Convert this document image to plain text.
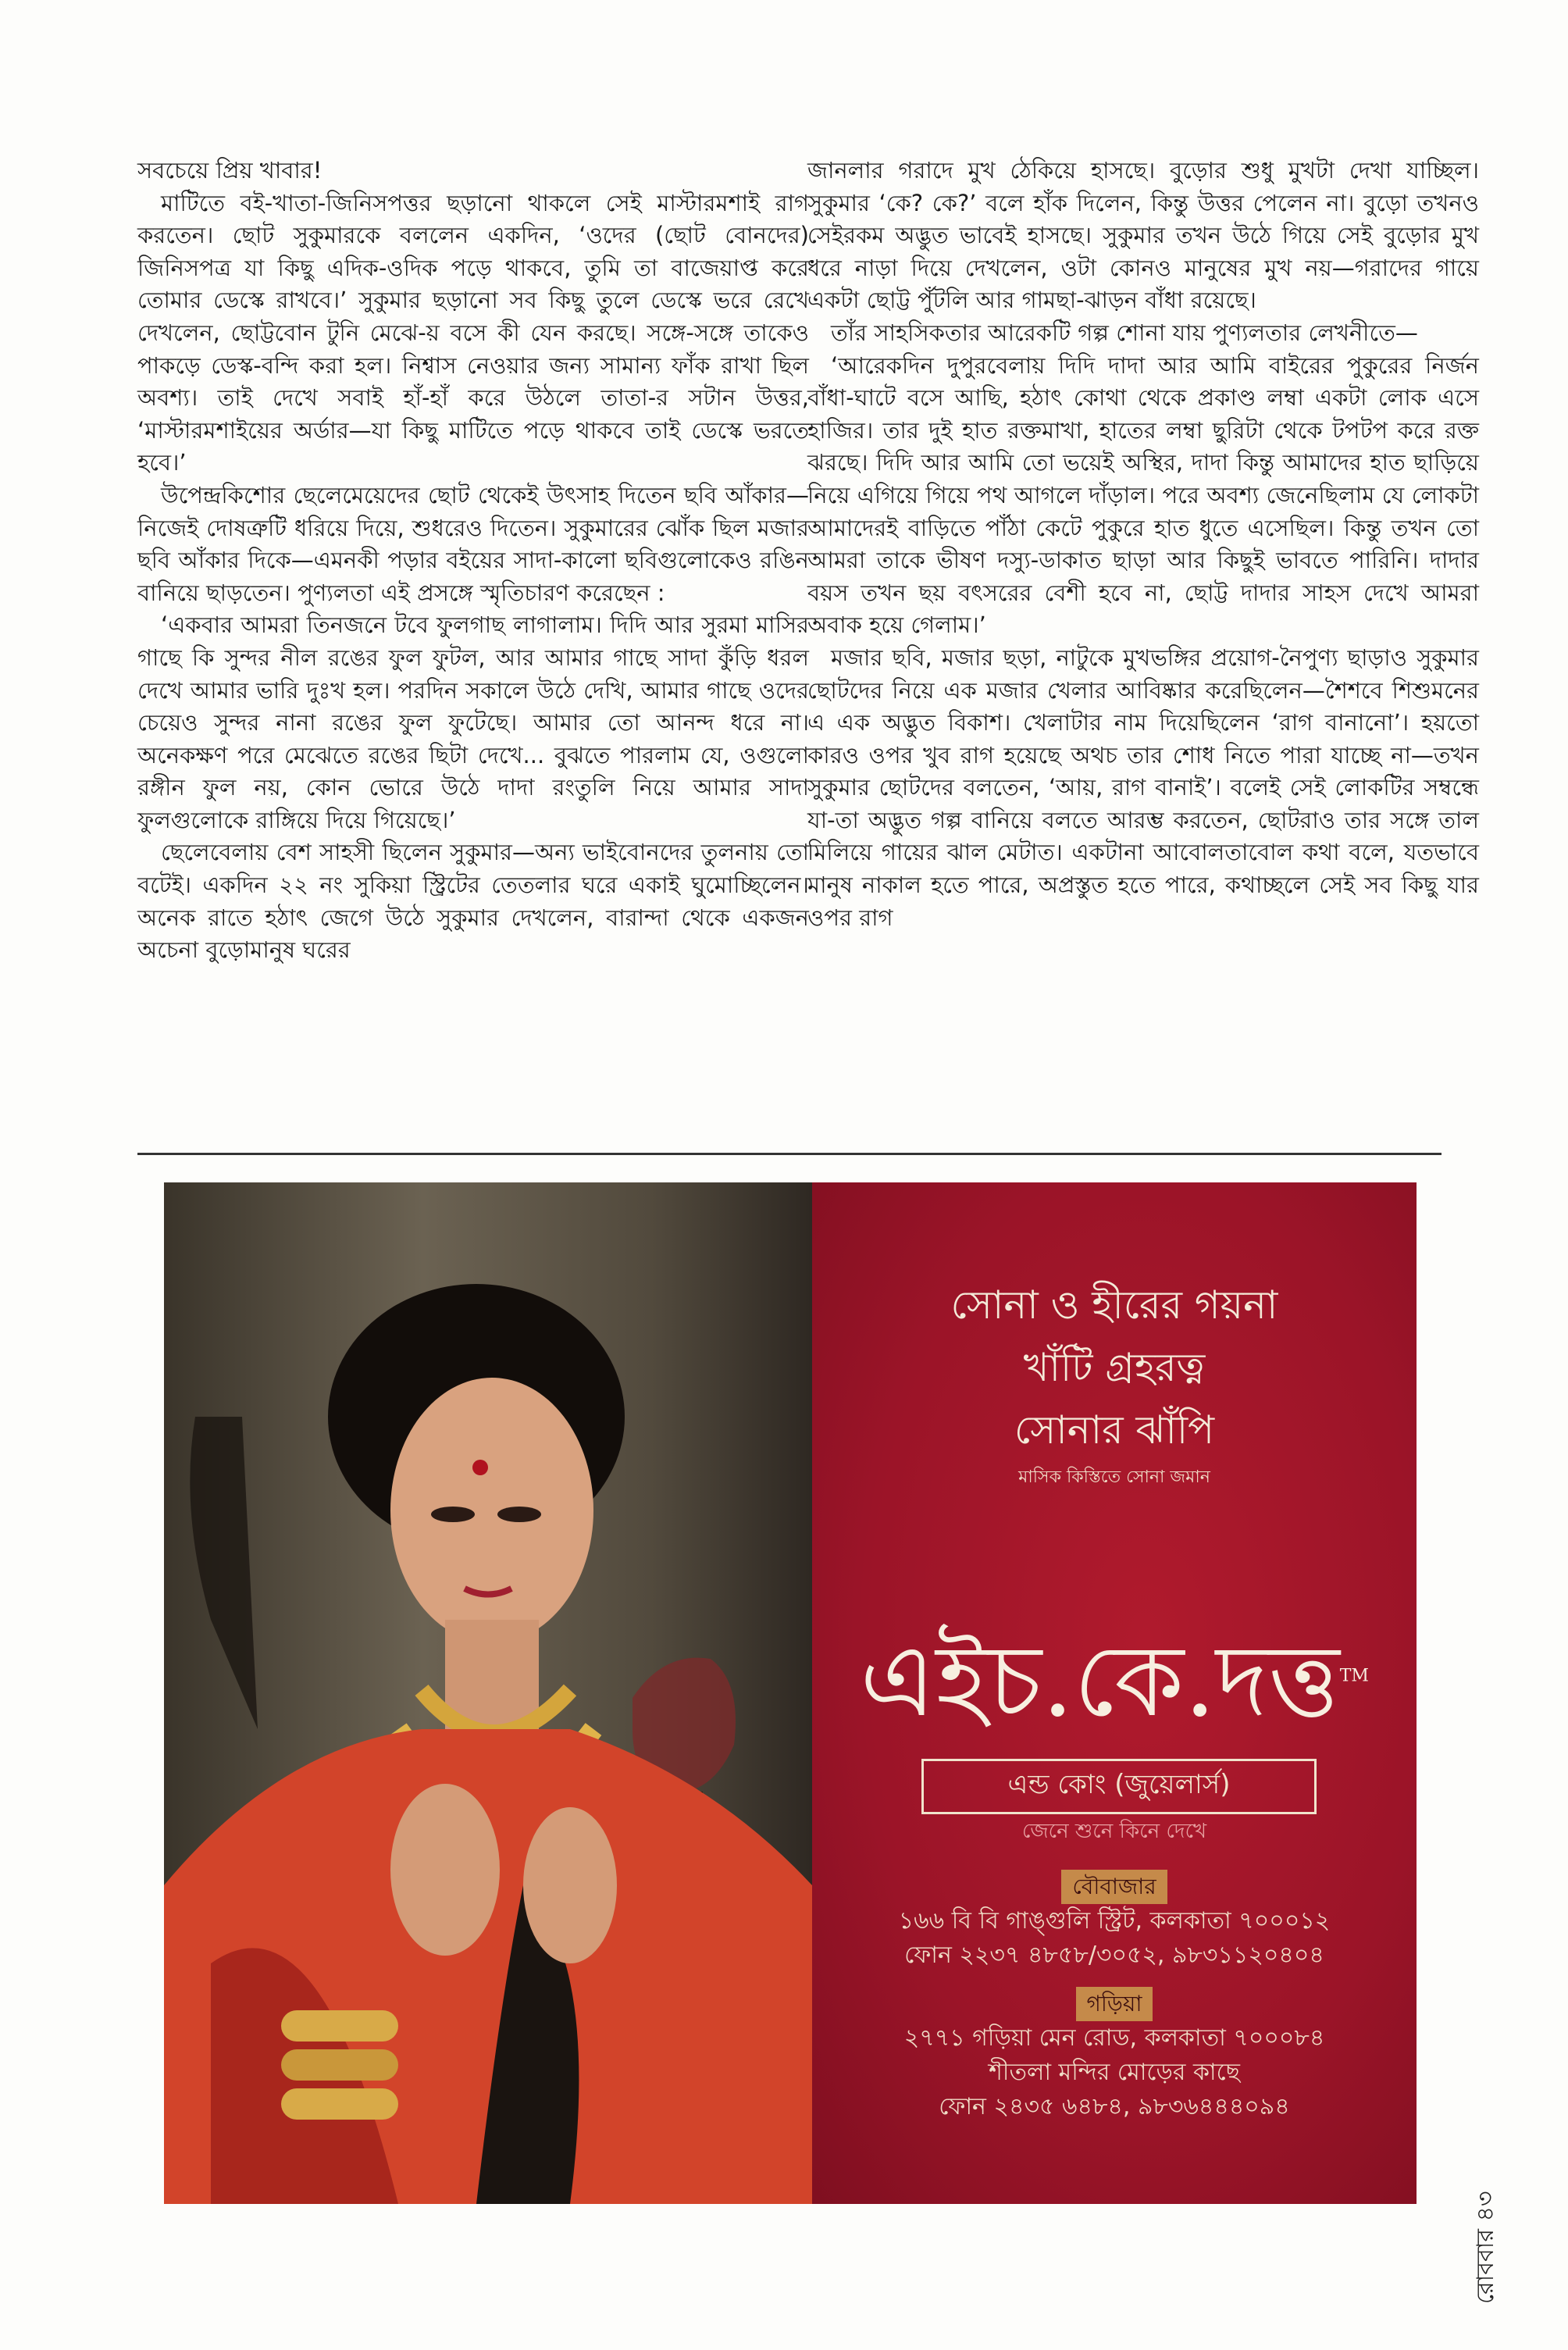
সবচেয়ে প্রিয় খাবার!

মাটিতে বই-খাতা-জিনিসপত্তর ছড়ানো থাকলে সেই মাস্টারমশাই রাগ করতেন। ছোট সুকুমারকে বললেন একদিন, ‘ওদের (ছোট বোনদের) জিনিসপত্র যা কিছু এদিক-ওদিক পড়ে থাকবে, তুমি তা বাজেয়াপ্ত করে তোমার ডেস্কে রাখবে।’ সুকুমার ছড়ানো সব কিছু তুলে ডেস্কে ভরে রেখে দেখলেন, ছোট্টবোন টুনি মেঝে-য় বসে কী যেন করছে। সঙ্গে-সঙ্গে তাকেও পাকড়ে ডেস্ক-বন্দি করা হল। নিশ্বাস নেওয়ার জন্য সামান্য ফাঁক রাখা ছিল অবশ্য। তাই দেখে সবাই হাঁ-হাঁ করে উঠলে তাতা-র সটান উত্তর, ‘মাস্টারমশাইয়ের অর্ডার—যা কিছু মাটিতে পড়ে থাকবে তাই ডেস্কে ভরতে হবে।’

উপেন্দ্রকিশোর ছেলেমেয়েদের ছোট থেকেই উৎসাহ দিতেন ছবি আঁকার—নিজেই দোষত্রুটি ধরিয়ে দিয়ে, শুধরেও দিতেন। সুকুমারের ঝোঁক ছিল মজার ছবি আঁকার দিকে—এমনকী পড়ার বইয়ের সাদা-কালো ছবিগুলোকেও রঙিন বানিয়ে ছাড়তেন। পুণ্যলতা এই প্রসঙ্গে স্মৃতিচারণ করেছেন :

‘একবার আমরা তিনজনে টবে ফুলগাছ লাগালাম। দিদি আর সুরমা মাসির গাছে কি সুন্দর নীল রঙের ফুল ফুটল, আর আমার গাছে সাদা কুঁড়ি ধরল দেখে আমার ভারি দুঃখ হল। পরদিন সকালে উঠে দেখি, আমার গাছে ওদের চেয়েও সুন্দর নানা রঙের ফুল ফুটেছে। আমার তো আনন্দ ধরে না। অনেকক্ষণ পরে মেঝেতে রঙের ছিটা দেখে... বুঝতে পারলাম যে, ওগুলো রঙ্গীন ফুল নয়, কোন ভোরে উঠে দাদা রংতুলি নিয়ে আমার সাদা ফুলগুলোকে রাঙ্গিয়ে দিয়ে গিয়েছে।’

ছেলেবেলায় বেশ সাহসী ছিলেন সুকুমার—অন্য ভাইবোনদের তুলনায় তো বটেই। একদিন ২২ নং সুকিয়া স্ট্রিটের তেতলার ঘরে একাই ঘুমোচ্ছিলেন। অনেক রাতে হঠাৎ জেগে উঠে সুকুমার দেখলেন, বারান্দা থেকে একজন অচেনা বুড়োমানুষ ঘরের

জানলার গরাদে মুখ ঠেকিয়ে হাসছে। বুড়োর শুধু মুখটা দেখা যাচ্ছিল। সুকুমার ‘কে? কে?’ বলে হাঁক দিলেন, কিন্তু উত্তর পেলেন না। বুড়ো তখনও সেইরকম অদ্ভুত ভাবেই হাসছে। সুকুমার তখন উঠে গিয়ে সেই বুড়োর মুখ ধরে নাড়া দিয়ে দেখলেন, ওটা কোনও মানুষের মুখ নয়—গরাদের গায়ে একটা ছোট্ট পুঁটলি আর গামছা-ঝাড়ন বাঁধা রয়েছে।

তাঁর সাহসিকতার আরেকটি গল্প শোনা যায় পুণ্যলতার লেখনীতে—

‘আরেকদিন দুপুরবেলায় দিদি দাদা আর আমি বাইরের পুকুরের নির্জন বাঁধা-ঘাটে বসে আছি, হঠাৎ কোথা থেকে প্রকাণ্ড লম্বা একটা লোক এসে হাজির। তার দুই হাত রক্তমাখা, হাতের লম্বা ছুরিটা থেকে টপটপ করে রক্ত ঝরছে। দিদি আর আমি তো ভয়েই অস্থির, দাদা কিন্তু আমাদের হাত ছাড়িয়ে নিয়ে এগিয়ে গিয়ে পথ আগলে দাঁড়াল। পরে অবশ্য জেনেছিলাম যে লোকটা আমাদেরই বাড়িতে পাঁঠা কেটে পুকুরে হাত ধুতে এসেছিল। কিন্তু তখন তো আমরা তাকে ভীষণ দস্যু-ডাকাত ছাড়া আর কিছুই ভাবতে পারিনি। দাদার বয়স তখন ছয় বৎসরের বেশী হবে না, ছোট্ট দাদার সাহস দেখে আমরা অবাক হয়ে গেলাম।’

মজার ছবি, মজার ছড়া, নাটুকে মুখভঙ্গির প্রয়োগ-নৈপুণ্য ছাড়াও সুকুমার ছোটদের নিয়ে এক মজার খেলার আবিষ্কার করেছিলেন—শৈশবে শিশুমনের এ এক অদ্ভুত বিকাশ। খেলাটার নাম দিয়েছিলেন ‘রাগ বানানো’। হয়তো কারও ওপর খুব রাগ হয়েছে অথচ তার শোধ নিতে পারা যাচ্ছে না—তখন সুকুমার ছোটদের বলতেন, ‘আয়, রাগ বানাই’। বলেই সেই লোকটির সম্বন্ধে যা-তা অদ্ভুত গল্প বানিয়ে বলতে আরম্ভ করতেন, ছোটরাও তার সঙ্গে তাল মিলিয়ে গায়ের ঝাল মেটাত। একটানা আবোলতাবোল কথা বলে, যতভাবে মানুষ নাকাল হতে পারে, অপ্রস্তুত হতে পারে, কথাচ্ছলে সেই সব কিছু যার ওপর রাগ

সোনা ও হীরের গয়না
খাঁটি গ্রহরত্ন
সোনার ঝাঁপি
মাসিক কিস্তিতে সোনা জমান
এইচ.কে.দত্ত™
এন্ড কোং (জুয়েলার্স)
জেনে শুনে কিনে দেখে
বৌবাজার
১৬৬ বি বি গাঙ্গুলি স্ট্রিট, কলকাতা ৭০০০১২
ফোন ২২৩৭ ৪৮৫৮/৩০৫২, ৯৮৩১১২০৪০৪
গড়িয়া
২৭৭১ গড়িয়া মেন রোড, কলকাতা ৭০০০৮৪
শীতলা মন্দির মোড়ের কাছে
ফোন ২৪৩৫ ৬৪৮৪, ৯৮৩৬৪৪৪০৯৪
রোববার ৪৩
